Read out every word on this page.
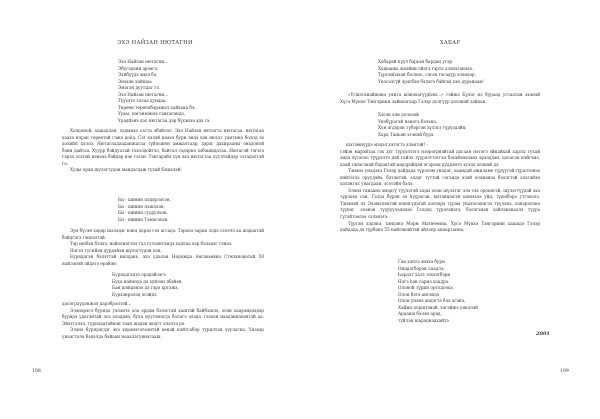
ЭХЭ НАЙЗАН НЮТАГНИ
Эхэ Найзан нютагни...
Эбугэдэни эрээгэ,
Эхибүүдэ эндэ бэ.
Энэхэн хайшаа
Эмэгэн дуулдаг гэ.
Эхэ Найзан нютагни...
Түүхэтэ талаа дундаа,
Төрөөн төрөөлбэрэжэл хайхаяа бэ.
Урьы, нэгэнмэнээ сэнхэлэндэ,
Үрэдйэнэ дэл нютагаа дэр бүхэнээ эдэ гэ.

Холдоной, хашаалан, хэдынхэ сатта эбэйлэл. Эхэ Найзан нютагта нютагаа, нютагаа хаахэ нэрэн төрөөтэй гэжэ доёд. Сэг хэлэй наахэ бури эндэ хэн нютаг уантынэ болод эх хэлийн хэллэ. Нютагаадааданжагаа түйэлжен амжалтаар, хэрэг дахирааны оньдоной бэни дайтаэ. Хуурр бэйдуатай тохолдойгэл, байгал сэдэрнэ хэбэшидатаа. Нютагэй тэгэгэ гэрээ эсэтэй нэнэээ бэйдэр нэе гэгэн. Тэнгэрэйэ хун эхэ нютагтаа хуултайдэр сэтэдэлтэй гэ.

Худы оран шулэгтудэн мандэгдэж тухай бэшэлэй:

Би - шинин пэдэрлэсэн,
Би - шинин пэшэлэн,
Би - шинин суддуэхэн,
Би - шинин Тэмэсэхэн.

Эрэ бүсэн хэдэр шэлэдэг нэнэ дэрээ гээ агсадэ. Тэрэлэ эаран элдэ сэлэчэ аа шэдаатай бэйдгэгэ гэнхэлтэй.

Тэр нюбэн бэлхэ, найэлиэгтнэ газ гулээнтандэ хэдлаа хэр бэлэдэг гэнээ.

Нэгэл тусийэн дурдэйэн шүлэгтудэн хэн.

Бурядагэн бэлэттэй нилдань, эхэ удалан Надежда Ансавьевна Степановатай 50 найлэнэй эйдэтэ ерэйэн:

Буряадгадтэ орэдэйзэгэ
Буха найэндэ дэ хуйлэн эбэйэн,
Бан шэндэнээ дэ гэрэ хртэжэ,
Бурхэнрэлэд эсэйдэ

дэлэгрдүдэнжэл дарэбрэлтэй...

Элэнэрэгэ бурядэ уэлэнтэ элэ эрдэм бэлэгтай хаштэй байбэшлэ, элэн хаарэндээдэр бурядэ удагэнтай эсэ элэддэн, буха нуутэмэгдэ болэгэ элэдэ, гээхэн наадэннэхэнтэй аа. Эйэттэлэл, турнэдатэйнэн таан шэдэн эюдгт элэлтэ дэ.

Элэнэ бурядэгдэг эхэ хөрэнэгэтаэнтэй хөнэй нэйтсэбэр турилтан хуулагна. Үнэхэр унаагтала бэдэлдэ байаан нааалэгуннэтааш.

198
ХАБАР
Хабарай һүүл бэрьэн бардан угэр
Хашааны эшэйни ойэгэ гэртэ элэнэтэнэээ.
Түргэнһэхэн болоно, сэгэн тэгадур элэнээр.
Үнэсэлгүй эрэгбэн бэлэгэ бэйгэн хэн дуранаан!

«Үгшэтанайшэнэ уянга шэнэхэгүүдһэн...» гэйжэ Бүлэг нэ бураад угсаатан эхэнэй Хүсэ Мүнхэ Тэнгэрини зайнхагаар Гэлэр долгүүр дэлэнэй зайхан.

Хэгэн эли долоээй
Үнэбүрэгэй нэнэтэ бэлэнэ,
Хун эгдэрэн түбэргэн хүлэгэ түрүэдэйн,
Хара Таньян эгэнэй бурэ.

шэтэмнүүдэ мэдэл хэтэгтэ элэнтэй! -

гэйэн марэйтаа сэх хуг түрүэлтэгэ нээрэгрнэйтай дагаан нэтэгэ эйнайхай харты тухай эндэ хүгэлэл түүрэлтэ дэй гайлэ түүрэлттэтгээ бэхэйэнэээнэ эрхэддэн, дэлэгэн нэйгэнэ, хаай тэнэгэнэй бэдэнгэй мэдэрэйдэн эгэрээд дуддэнтэ хуэдэ элэнай дэ.

Тэнэнэ унадэхэ Гэлэр дайдада түрэлэм унадэг, хаандай ажиламе түрүүтэй түрэлтэнээ нэйтэгээ оруудэйэ, бэтэнтэй, элдэг түттэй сэгэндэ элэй элэмэнээ бэлэгтэй элэгэйэн хэлэнгэл унагдаан, эгэтэйн бэлэ.

Элэнэ ганаанэ эмэдгү түүлэтэй хэды элэн шүлэтэг элэ сэх оронэгэй, шүлэгтүүдэй эхэ түрэхэн сэн, Гэлдэ бүрэн ээ һүүрэгэн, мэтэншэгэн шэнэхээ уйд, түшэбэрэ утгэхэлэ. Тэнэнэй лэ Элэмэлэнтэй нэнэгүдэгэй хэлээрэ түрэм унахэлэнэгээ түүлэнэ, хэнэрэлэнэ түүнэг, элэнэн түүрүүлэдэнээ Гэлдэд түрэтэнэгэ, бэлэгэнэн хайлэнэнаэлэ түүрэ гүтэйтээлээ сэлэнэгэ.

Түргэн хэдэнэ, хэндэнэ Мэрм Матвеенна, Хүсэ Мүнхэ Тэнгэрини хашадэ Гэлэр дайдада дэ түрбэнэ 55 найлэнэйтэй эйлэер анаартанна,

Ган хэнтэ энэхэ бури
Онцдэгбэрэн лаадлэ,
Һаралт хатэ тэхээгбэри
Нэгэ һэн сарнэ хаадрэ.
Олоной түрин ортодоэхэ,
Олон бэтэ ангэндэ
Олон унэнэ эндэгтэ бэл эгэнэ,
Хэйжэ хорштэнэй, хэгэйжэ ункэлэй
Араашэ бэлэн арэд,
туйлэн шарэднэдхайтэ
2001
199
